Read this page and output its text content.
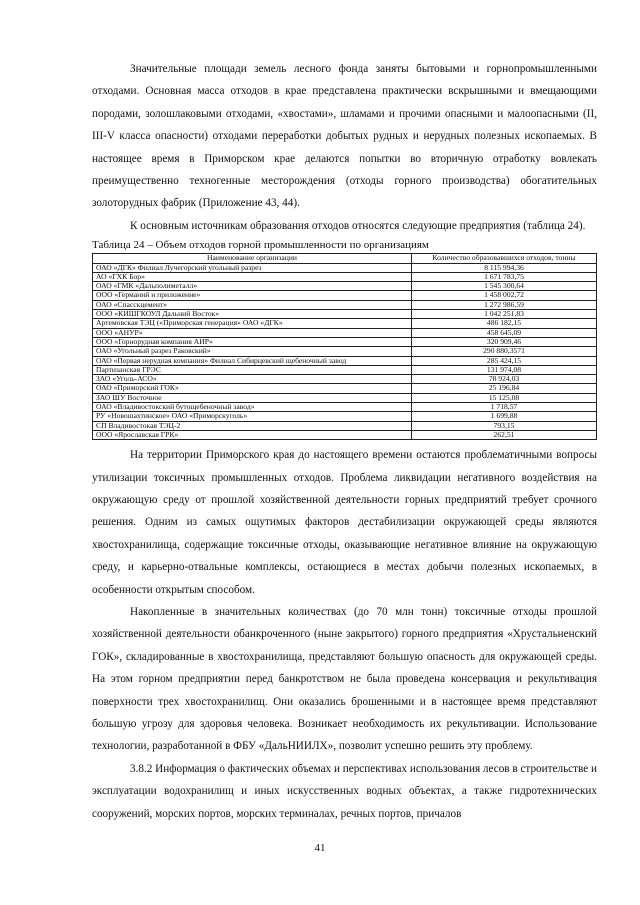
Значительные площади земель лесного фонда заняты бытовыми и горнопромышленными отходами. Основная масса отходов в крае представлена практически вскрышными и вмещающими породами, золошлаковыми отходами, «хвостами», шламами и прочими опасными и малоопасными (II, III-V класса опасности) отходами переработки добытых рудных и нерудных полезных ископаемых. В настоящее время в Приморском крае делаются попытки во вторичную отработку вовлекать преимущественно техногенные месторождения (отходы горного производства) обогатительных золоторудных фабрик (Приложение 43, 44).

К основным источникам образования отходов относятся следующие предприятия (таблица 24).

Таблица 24 – Объем отходов горной промышленности по организациям
Наименование организации	Количество образовавшихся отходов, тонны
ОАО «ДГК» Филиал Лучегорский угольный разрез	8 115 994,36
АО «ГХК Бор»	1 671 783,75
ОАО «ГМК «Дальполиметалл»	1 545 300,64
ООО «Германий и приложение»	1 458 002,72
ОАО «Спасскцемент»	1 272 986,59
ООО «КИШГКОУЛ Дальний Восток»	1 042 251,83
Артемовская ТЭЦ («Приморская генерация» ОАО «ДГК»	486 182,15
ООО «АНУР»	458 645,09
ООО «Горнорудная компания АИР»	320 909,46
ОАО «Угольный разрез Раковский»	290 880,3571
ОАО «Первая нерудная компания» Филиал Сибирцевский щебеночный завод	285 424,15
Партизанская ГРЭС	131 974,08
ЗАО «Уголь-АСО»	78 924,03
ОАО «Приморский ГОК»	25 196,84
ЗАО ШУ Восточное	15 125,08
ОАО «Владивостокский бутощебеночный завод»	1 718,57
РУ «Новошахтинское» ОАО «Приморскуголь»	1 699,88
СП Владивостокая ТЭЦ-2	793,15
ООО «Ярославская ГРК»	262,51

На территории Приморского края до настоящего времени остаются проблематичными вопросы утилизации токсичных промышленных отходов. Проблема ликвидации негативного воздействия на окружающую среду от прошлой хозяйственной деятельности горных предприятий требует срочного решения. Одним из самых ощутимых факторов дестабилизации окружающей среды являются хвостохранилища, содержащие токсичные отходы, оказывающие негативное влияние на окружающую среду, и карьерно-отвальные комплексы, остающиеся в местах добычи полезных ископаемых, в особенности открытым способом.

Накопленные в значительных количествах (до 70 млн тонн) токсичные отходы прошлой хозяйственной деятельности обанкроченного (ныне закрытого) горного предприятия «Хрустальненский ГОК», складированные в хвостохранилища, представляют большую опасность для окружающей среды. На этом горном предприятии перед банкротством не была проведена консервация и рекультивация поверхности трех хвостохранилищ. Они оказались брошенными и в настоящее время представляют большую угрозу для здоровья человека. Возникает необходимость их рекультивации. Использование технологии, разработанной в ФБУ «ДальНИИЛХ», позволит успешно решить эту проблему.

3.8.2 Информация о фактических объемах и перспективах использования лесов в строительстве и эксплуатации водохранилищ и иных искусственных водных объектах, а также гидротехнических сооружений, морских портов, морских терминалах, речных портов, причалов

41
